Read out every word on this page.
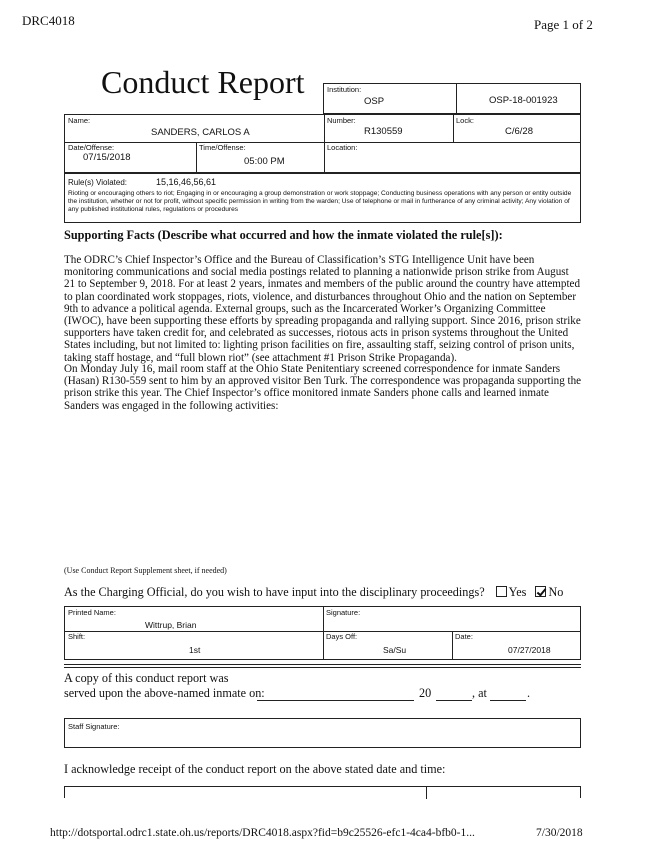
DRC4018	Page 1 of 2
Conduct Report	Institution:
OSP	OSP-18-001923
Name:
SANDERS, CARLOS A
Number:
R130559
Lock:
C/6/28
Date/Offense:
07/15/2018
Time/Offense:
05:00 PM
Location:
Rule(s) Violated:	15,16,46,56,61
Rioting or encouraging others to riot; Engaging in or encouraging a group demonstration or work stoppage; Conducting business operations with any person or entity outside the institution, whether or not for profit, without specific permission in writing from the warden; Use of telephone or mail in furtherance of any criminal activity; Any violation of any published institutional rules, regulations or procedures
Supporting Facts (Describe what occurred and how the inmate violated the rule[s]):

The ODRC’s Chief Inspector’s Office and the Bureau of Classification’s STG Intelligence Unit have been monitoring communications and social media postings related to planning a nationwide prison strike from August 21 to September 9, 2018. For at least 2 years, inmates and members of the public around the country have attempted to plan coordinated work stoppages, riots, violence, and disturbances throughout Ohio and the nation on September 9th to advance a political agenda. External groups, such as the Incarcerated Worker’s Organizing Committee (IWOC), have been supporting these efforts by spreading propaganda and rallying support. Since 2016, prison strike supporters have taken credit for, and celebrated as successes, riotous acts in prison systems throughout the United States including, but not limited to: lighting prison facilities on fire, assaulting staff, seizing control of prison units, taking staff hostage, and “full blown riot” (see attachment #1 Prison Strike Propaganda).

On Monday July 16, mail room staff at the Ohio State Penitentiary screened correspondence for inmate Sanders (Hasan) R130-559 sent to him by an approved visitor Ben Turk. The correspondence was propaganda supporting the prison strike this year. The Chief Inspector’s office monitored inmate Sanders phone calls and learned inmate Sanders was engaged in the following activities:

(Use Conduct Report Supplement sheet, if needed)
As the Charging Official, do you wish to have input into the disciplinary proceedings? Yes No
Printed Name:
Wittrup, Brian
Signature:
Shift:
1st
Days Off:
Sa/Su
Date:
07/27/2018
A copy of this conduct report was
served upon the above-named inmate on:	20	, at	.
Staff Signature:
I acknowledge receipt of the conduct report on the above stated date and time:
http://dotsportal.odrc1.state.oh.us/reports/DRC4018.aspx?fid=b9c25526-efc1-4ca4-bfb0-1...	7/30/2018
